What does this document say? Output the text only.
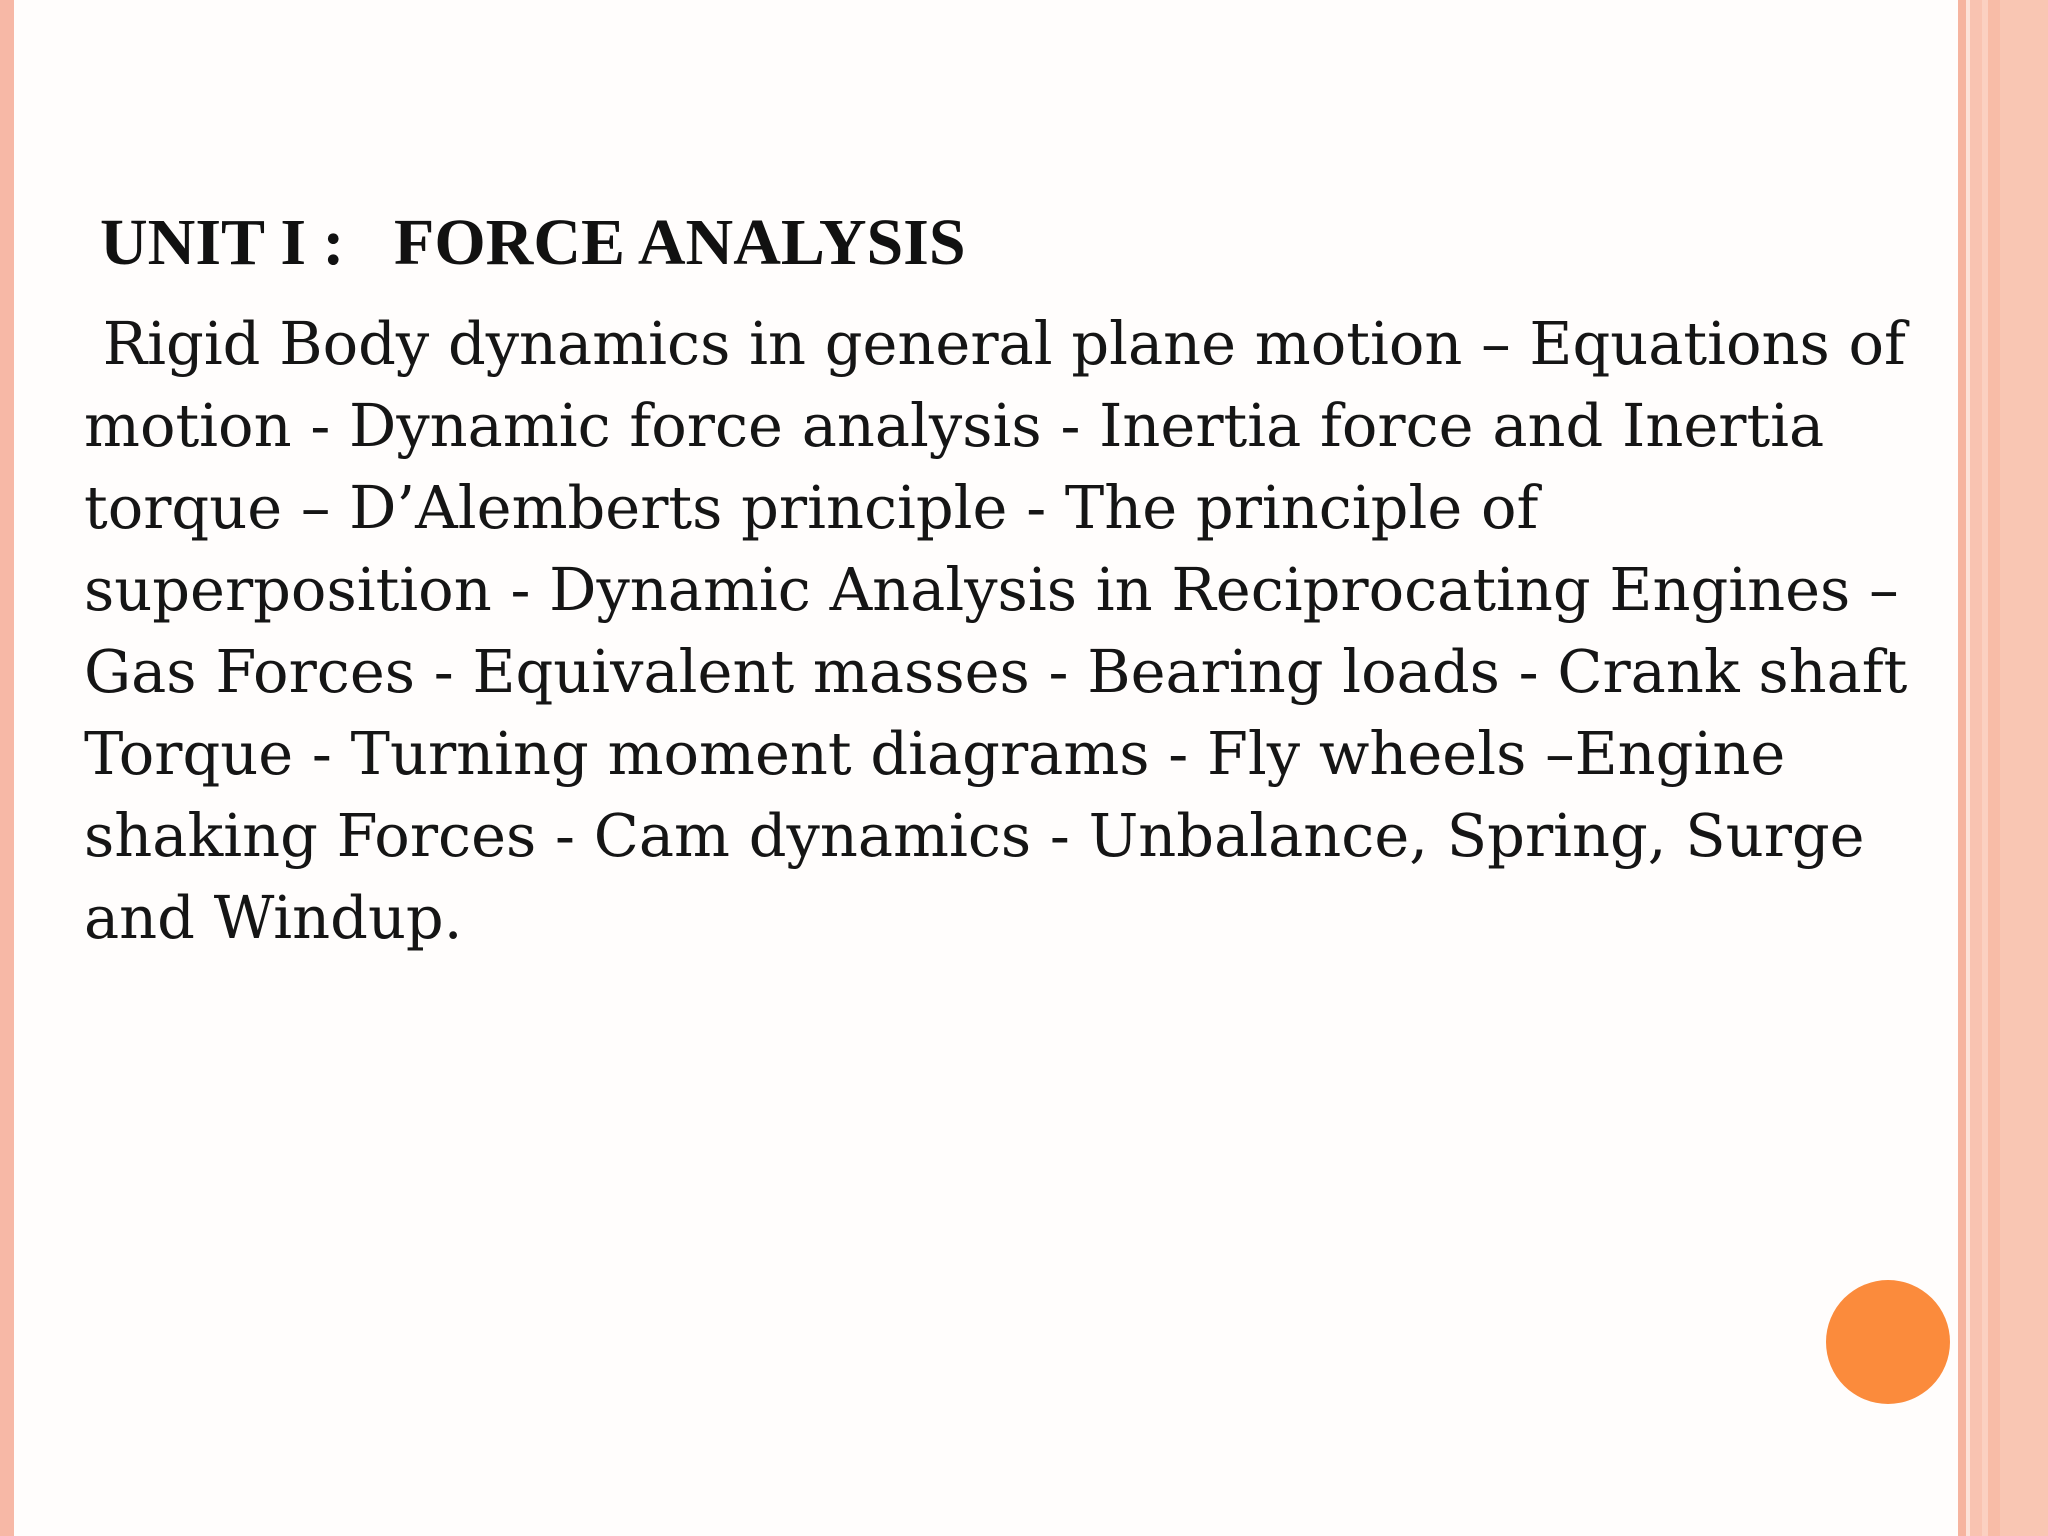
UNIT I :   FORCE ANALYSIS
Rigid Body dynamics in general plane motion – Equations of
motion - Dynamic force analysis - Inertia force and Inertia
torque – D’Alemberts principle - The principle of
superposition - Dynamic Analysis in Reciprocating Engines –
Gas Forces - Equivalent masses - Bearing loads - Crank shaft
Torque - Turning moment diagrams - Fly wheels –Engine
shaking Forces - Cam dynamics - Unbalance, Spring, Surge
and Windup.
